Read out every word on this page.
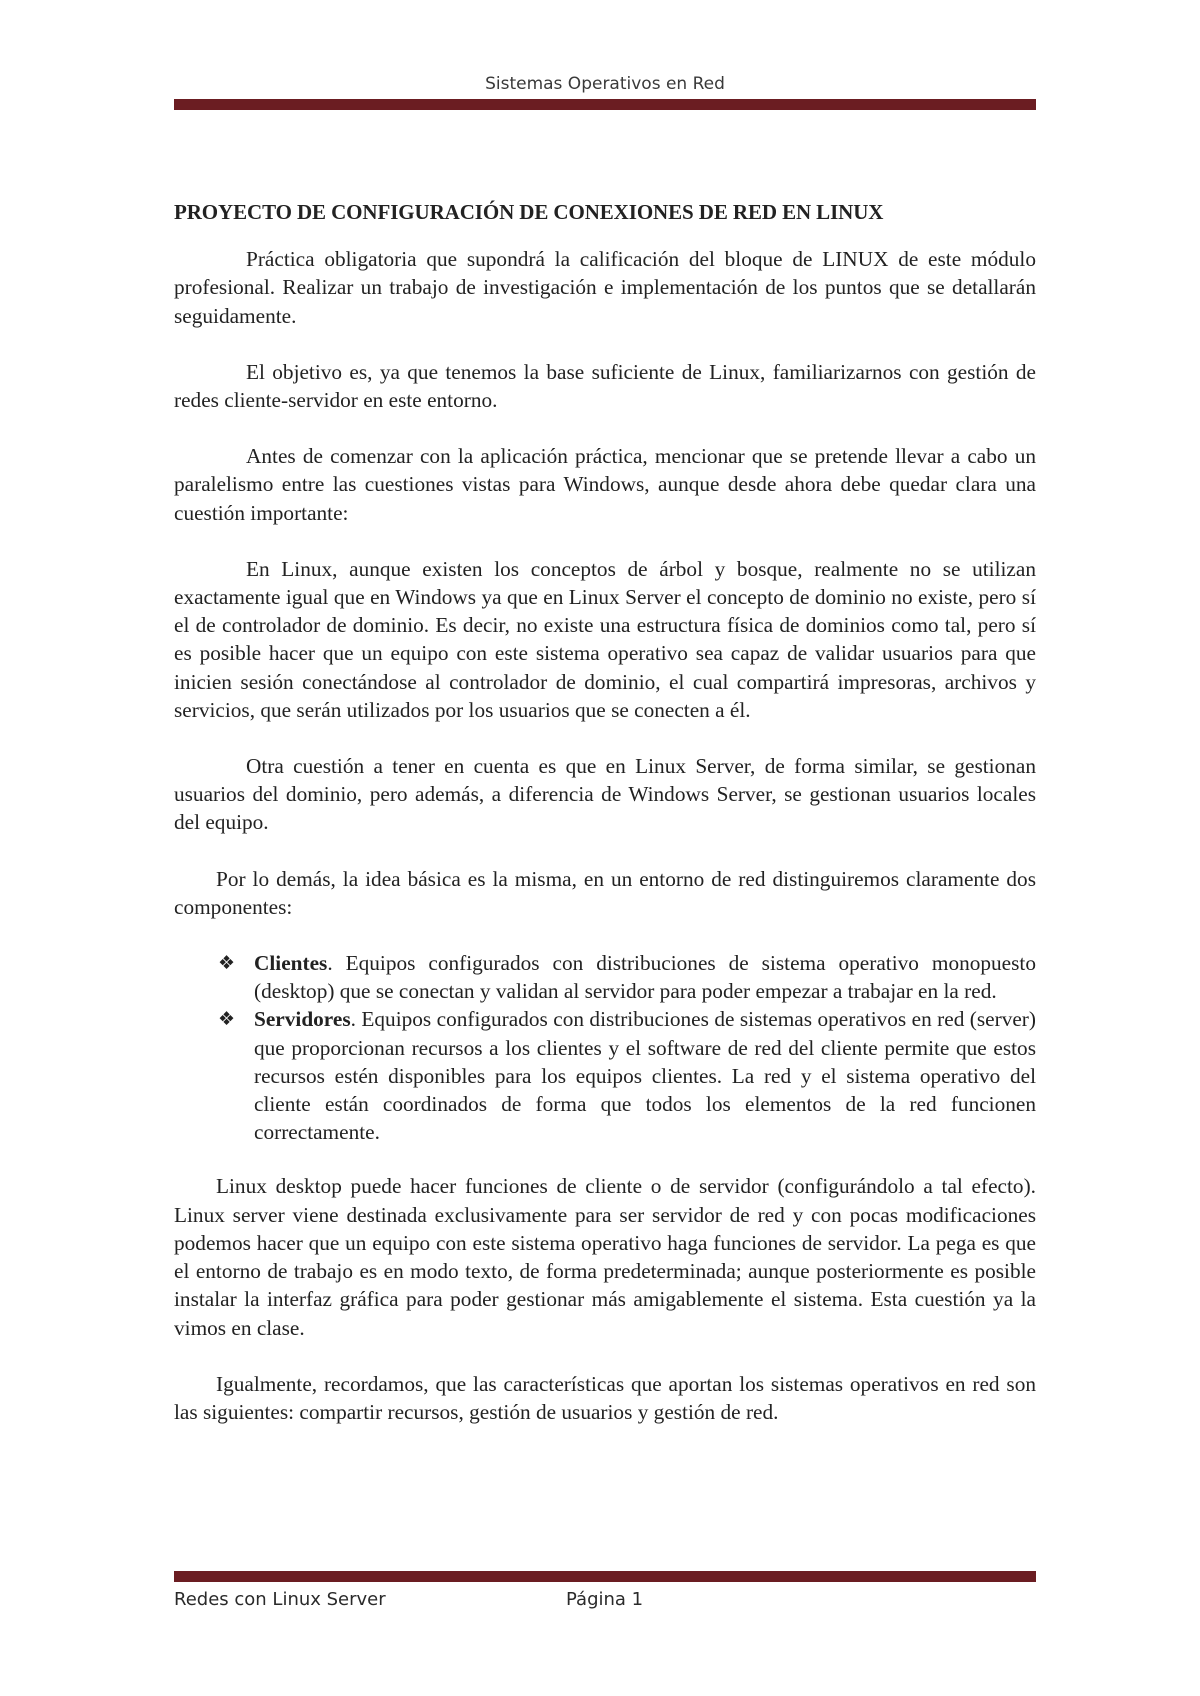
Sistemas Operativos en Red
PROYECTO DE CONFIGURACIÓN DE CONEXIONES DE RED EN LINUX

Práctica obligatoria que supondrá la calificación del bloque de LINUX de este módulo profesional. Realizar un trabajo de investigación e implementación de los puntos que se detallarán seguidamente.

El objetivo es, ya que tenemos la base suficiente de Linux, familiarizarnos con gestión de redes cliente-servidor en este entorno.

Antes de comenzar con la aplicación práctica, mencionar que se pretende llevar a cabo un paralelismo entre las cuestiones vistas para Windows, aunque desde ahora debe quedar clara una cuestión importante:

En Linux, aunque existen los conceptos de árbol y bosque, realmente no se utilizan exactamente igual que en Windows ya que en Linux Server el concepto de dominio no existe, pero sí el de controlador de dominio. Es decir, no existe una estructura física de dominios como tal, pero sí es posible hacer que un equipo con este sistema operativo sea capaz de validar usuarios para que inicien sesión conectándose al controlador de dominio, el cual compartirá impresoras, archivos y servicios, que serán utilizados por los usuarios que se conecten a él.

Otra cuestión a tener en cuenta es que en Linux Server, de forma similar, se gestionan usuarios del dominio, pero además, a diferencia de Windows Server, se gestionan usuarios locales del equipo.

Por lo demás, la idea básica es la misma, en un entorno de red distinguiremos claramente dos componentes:

❖ Clientes. Equipos configurados con distribuciones de sistema operativo monopuesto (desktop) que se conectan y validan al servidor para poder empezar a trabajar en la red.
❖ Servidores. Equipos configurados con distribuciones de sistemas operativos en red (server) que proporcionan recursos a los clientes y el software de red del cliente permite que estos recursos estén disponibles para los equipos clientes. La red y el sistema operativo del cliente están coordinados de forma que todos los elementos de la red funcionen correctamente.

Linux desktop puede hacer funciones de cliente o de servidor (configurándolo a tal efecto). Linux server viene destinada exclusivamente para ser servidor de red y con pocas modificaciones podemos hacer que un equipo con este sistema operativo haga funciones de servidor. La pega es que el entorno de trabajo es en modo texto, de forma predeterminada; aunque posteriormente es posible instalar la interfaz gráfica para poder gestionar más amigablemente el sistema. Esta cuestión ya la vimos en clase.

Igualmente, recordamos, que las características que aportan los sistemas operativos en red son las siguientes: compartir recursos, gestión de usuarios y gestión de red.

Redes con Linux Server	Página 1
